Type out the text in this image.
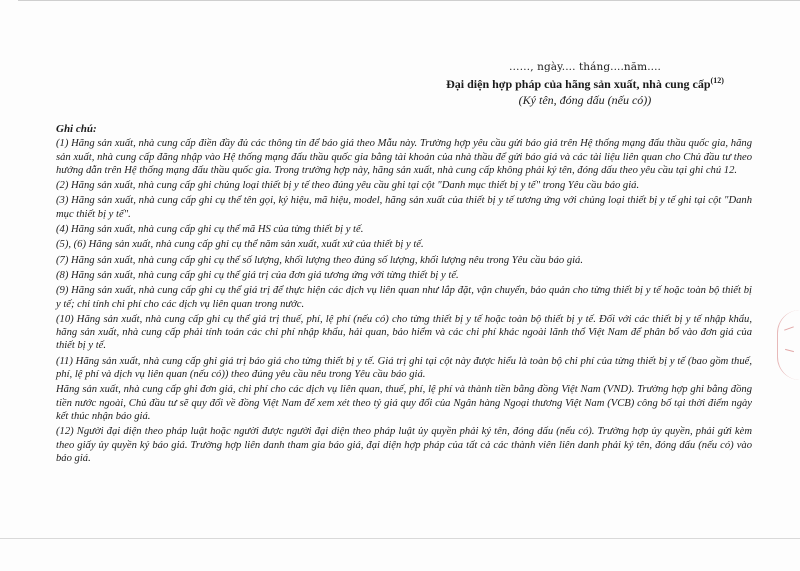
……, ngày.... tháng....năm....
Đại diện hợp pháp của hãng sản xuất, nhà cung cấp$^{(12)}$
(Ký tên, đóng dấu (nếu có))
Ghi chú:

(1) Hãng sản xuất, nhà cung cấp điền đầy đủ các thông tin để báo giá theo Mẫu này. Trường hợp yêu cầu gửi báo giá trên Hệ thống mạng đấu thầu quốc gia, hãng sản xuất, nhà cung cấp đăng nhập vào Hệ thống mạng đấu thầu quốc gia bằng tài khoản của nhà thầu để gửi báo giá và các tài liệu liên quan cho Chủ đầu tư theo hướng dẫn trên Hệ thống mạng đấu thầu quốc gia. Trong trường hợp này, hãng sản xuất, nhà cung cấp không phải ký tên, đóng dấu theo yêu cầu tại ghi chú 12.

(2) Hãng sản xuất, nhà cung cấp ghi chủng loại thiết bị y tế theo đúng yêu cầu ghi tại cột "Danh mục thiết bị y tế" trong Yêu cầu báo giá.

(3) Hãng sản xuất, nhà cung cấp ghi cụ thể tên gọi, ký hiệu, mã hiệu, model, hãng sản xuất của thiết bị y tế tương ứng với chủng loại thiết bị y tế ghi tại cột "Danh mục thiết bị y tế".

(4) Hãng sản xuất, nhà cung cấp ghi cụ thể mã HS của từng thiết bị y tế.

(5), (6) Hãng sản xuất, nhà cung cấp ghi cụ thể năm sản xuất, xuất xứ của thiết bị y tế.

(7) Hãng sản xuất, nhà cung cấp ghi cụ thể số lượng, khối lượng theo đúng số lượng, khối lượng nêu trong Yêu cầu báo giá.

(8) Hãng sản xuất, nhà cung cấp ghi cụ thể giá trị của đơn giá tương ứng với từng thiết bị y tế.

(9) Hãng sản xuất, nhà cung cấp ghi cụ thể giá trị để thực hiện các dịch vụ liên quan như lắp đặt, vận chuyển, bảo quản cho từng thiết bị y tế hoặc toàn bộ thiết bị y tế; chỉ tính chi phí cho các dịch vụ liên quan trong nước.

(10) Hãng sản xuất, nhà cung cấp ghi cụ thể giá trị thuế, phí, lệ phí (nếu có) cho từng thiết bị y tế hoặc toàn bộ thiết bị y tế. Đối với các thiết bị y tế nhập khẩu, hãng sản xuất, nhà cung cấp phải tính toán các chi phí nhập khẩu, hải quan, bảo hiểm và các chi phí khác ngoài lãnh thổ Việt Nam để phân bổ vào đơn giá của thiết bị y tế.

(11) Hãng sản xuất, nhà cung cấp ghi giá trị báo giá cho từng thiết bị y tế. Giá trị ghi tại cột này được hiểu là toàn bộ chi phí của từng thiết bị y tế (bao gồm thuế, phí, lệ phí và dịch vụ liên quan (nếu có)) theo đúng yêu cầu nêu trong Yêu cầu báo giá.

Hãng sản xuất, nhà cung cấp ghi đơn giá, chi phí cho các dịch vụ liên quan, thuế, phí, lệ phí và thành tiền bằng đồng Việt Nam (VND). Trường hợp ghi bằng đồng tiền nước ngoài, Chủ đầu tư sẽ quy đổi về đồng Việt Nam để xem xét theo tỷ giá quy đổi của Ngân hàng Ngoại thương Việt Nam (VCB) công bố tại thời điểm ngày kết thúc nhận báo giá.

(12) Người đại diện theo pháp luật hoặc người được người đại diện theo pháp luật ủy quyền phải ký tên, đóng dấu (nếu có). Trường hợp ủy quyền, phải gửi kèm theo giấy ủy quyền ký báo giá. Trường hợp liên danh tham gia báo giá, đại diện hợp pháp của tất cả các thành viên liên danh phải ký tên, đóng dấu (nếu có) vào báo giá.
